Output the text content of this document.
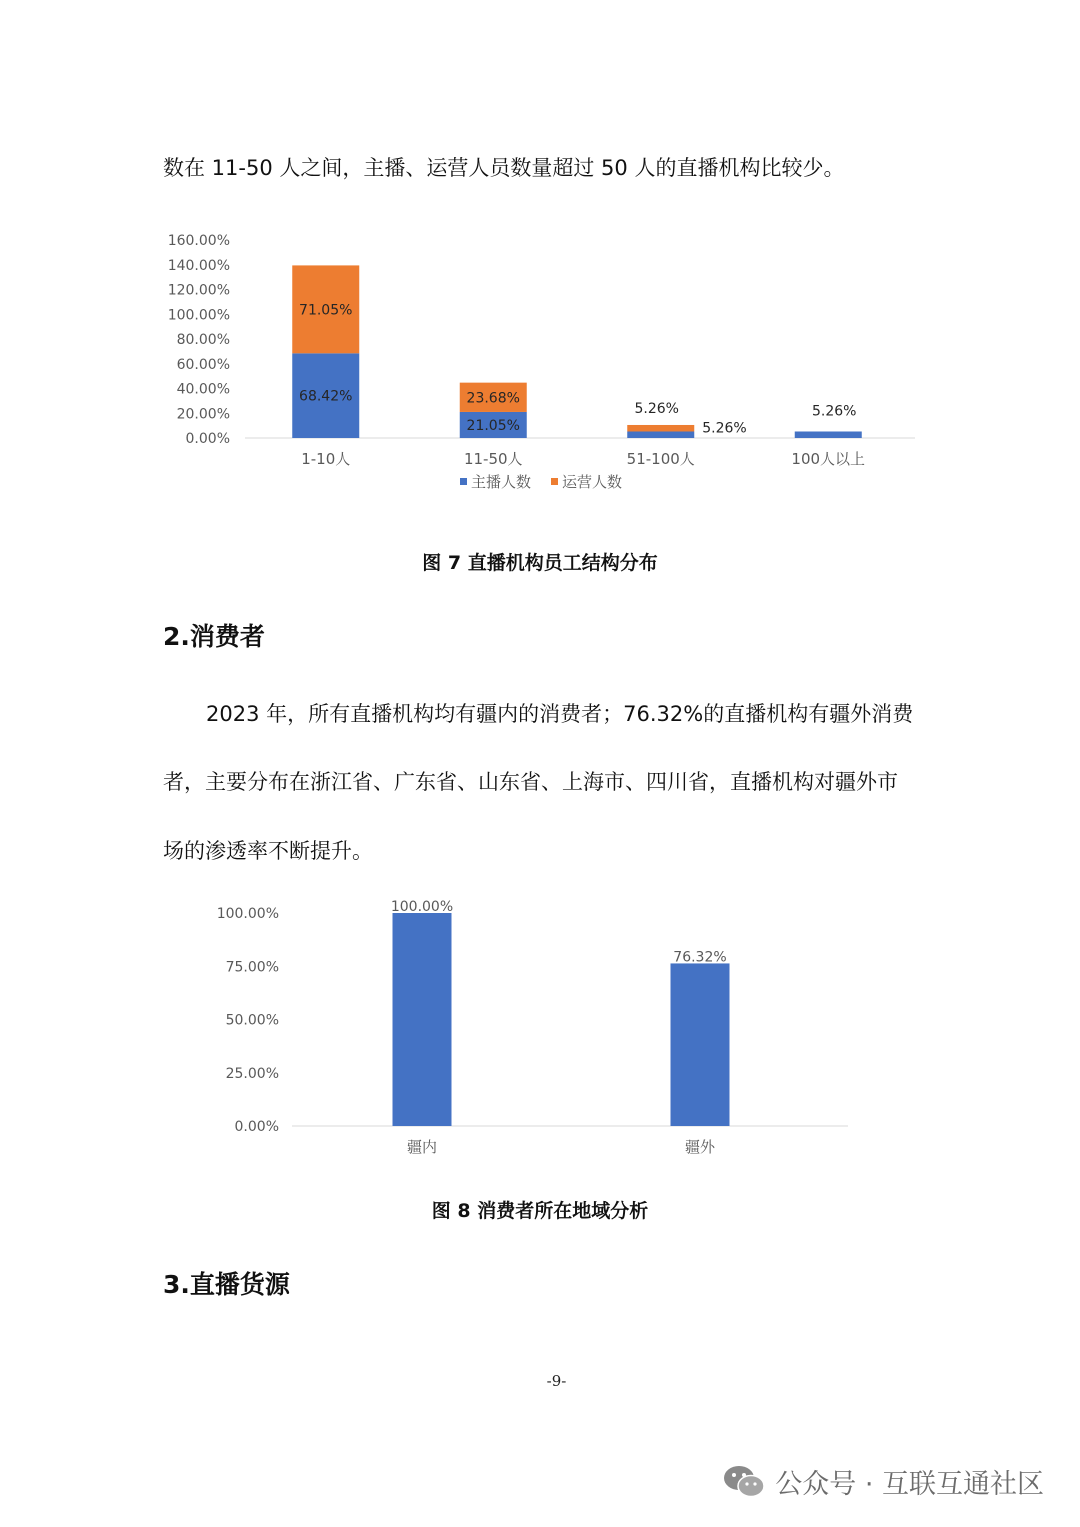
数在 11-50 人之间，主播、运营人员数量超过 50 人的直播机构比较少。
0.00%
20.00%
40.00%
60.00%
80.00%
100.00%
120.00%
140.00%
160.00%
1-10人
68.42%
71.05%
11-50人
21.05%
23.68%
51-100人
5.26%
5.26%
100人以上
5.26%
主播人数 运营人数
图 7 直播机构员工结构分布
2.消费者
2023 年，所有直播机构均有疆内的消费者；76.32%的直播机构有疆外消费
者，主要分布在浙江省、广东省、山东省、上海市、四川省，直播机构对疆外市
场的渗透率不断提升。
0.00%
25.00%
50.00%
75.00%
100.00%	100.00%
疆内
76.32%
疆外
图 8 消费者所在地域分析
3.直播货源
-9-
公众号 · 互联互通社区
